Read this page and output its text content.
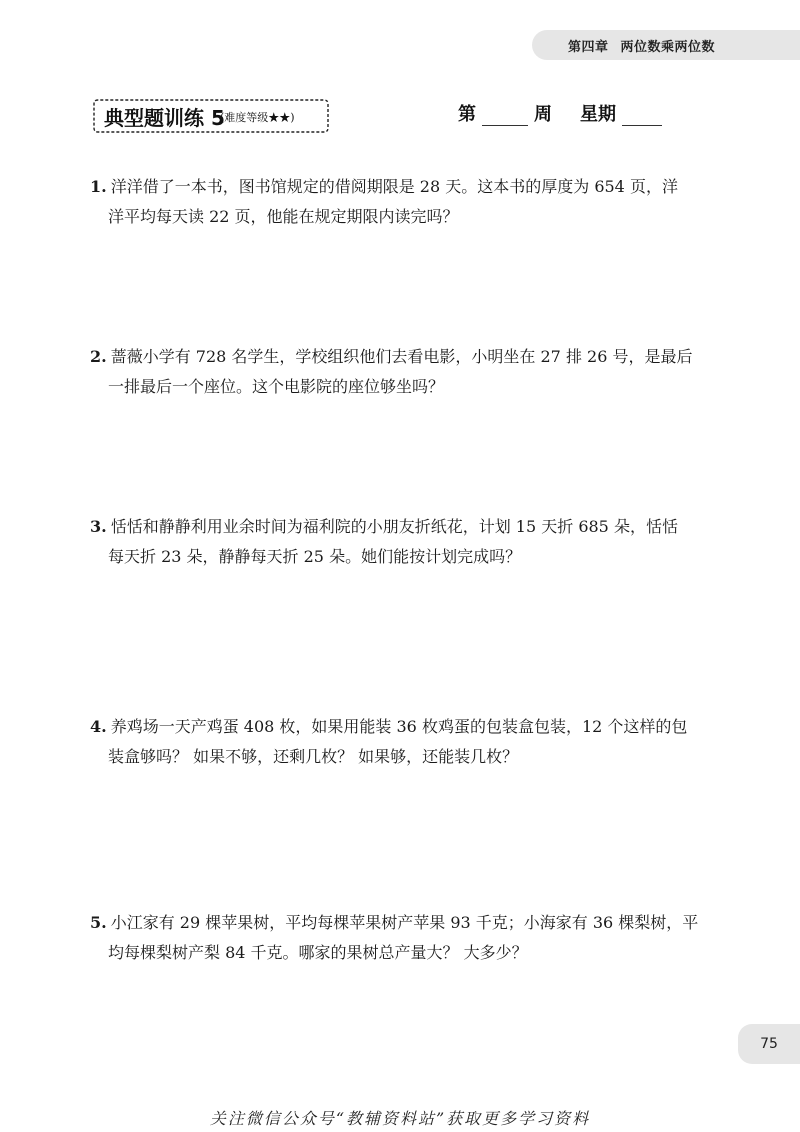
第四章 两位数乘两位数
典型题训练 5
(难度等级★★)	第	周 星期
1. 洋洋借了一本书，图书馆规定的借阅期限是 28 天。这本书的厚度为 654 页，洋
洋平均每天读 22 页，他能在规定期限内读完吗？
2. 蔷薇小学有 728 名学生，学校组织他们去看电影，小明坐在 27 排 26 号，是最后
一排最后一个座位。这个电影院的座位够坐吗？
3. 恬恬和静静利用业余时间为福利院的小朋友折纸花，计划 15 天折 685 朵，恬恬
每天折 23 朵，静静每天折 25 朵。她们能按计划完成吗？
4. 养鸡场一天产鸡蛋 408 枚，如果用能装 36 枚鸡蛋的包装盒包装，12 个这样的包
装盒够吗？ 如果不够，还剩几枚？ 如果够，还能装几枚？
5. 小江家有 29 棵苹果树，平均每棵苹果树产苹果 93 千克；小海家有 36 棵梨树，平
均每棵梨树产梨 84 千克。哪家的果树总产量大？ 大多少？
75
关注微信公众号“教辅资料站”获取更多学习资料
